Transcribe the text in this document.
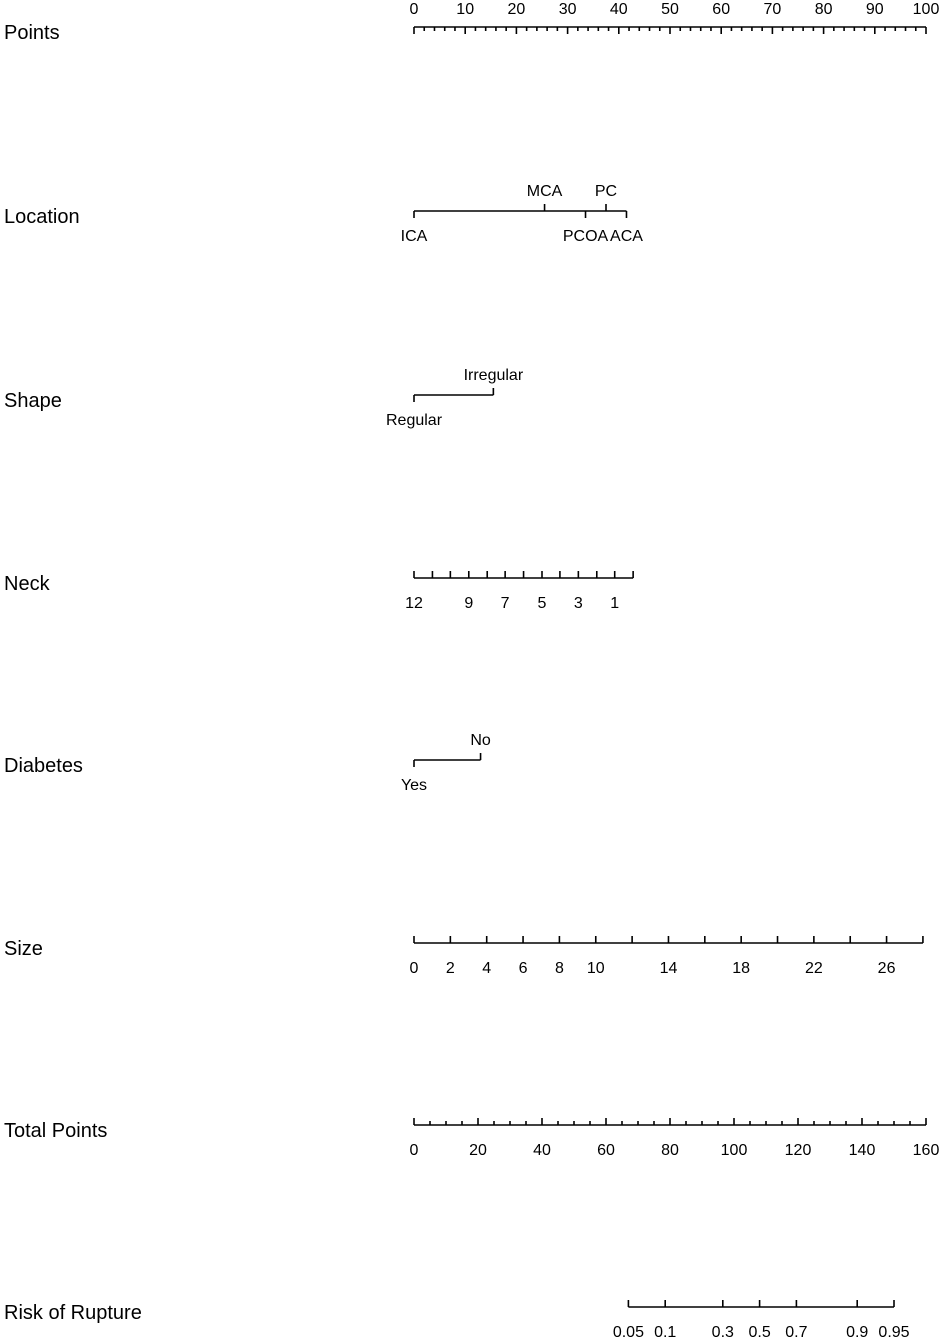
Points
0 10 20 30 40 50 60 70 80 90 100
Location
ICA
MCA
PCOA
PC
ACA
Shape
Regular
Irregular
Neck
12	9 7 5 3 1
Diabetes
Yes
No
Size
0 2 4 6 8 10	14	18	22	26
Total Points
0	20	40	60	80	100 120 140 160
Risk of Rupture
0.05 0.1 0.3 0.5 0.7 0.9 0.95
